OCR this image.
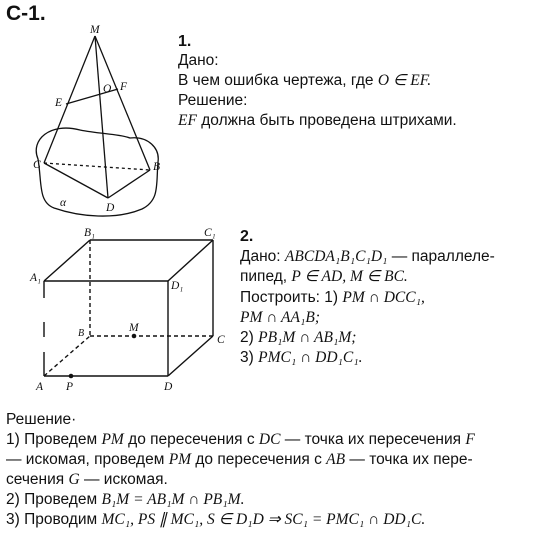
С-1.
M
E
O F
C	B
D
α
1.
Дано:
В чем ошибка чертежа, где O ∈ EF.
Решение:
EF должна быть проведена штрихами.
B₁	C₁
A₁
D₁
B	M
C
A P	D
2.
Дано: ABCDA₁B₁C₁D₁ — параллеле-
пипед, P ∈ AD, M ∈ BC.
Построить: 1) PM ∩ DCC₁,
PM ∩ AA₁B;
2) PB₁M ∩ AB₁M;
3) PMC₁ ∩ DD₁C₁.
Решение·
1) Проведем PM до пересечения с DC — точка их пересечения F
— искомая, проведем PM до пересечения с AB — точка их пере-
сечения G — искомая.
2) Проведем B₁M = AB₁M ∩ PB₁M.
3) Проводим MC₁, PS ∥ MC₁, S ∈ D₁D ⇒ SC₁ = PMC₁ ∩ DD₁C.
